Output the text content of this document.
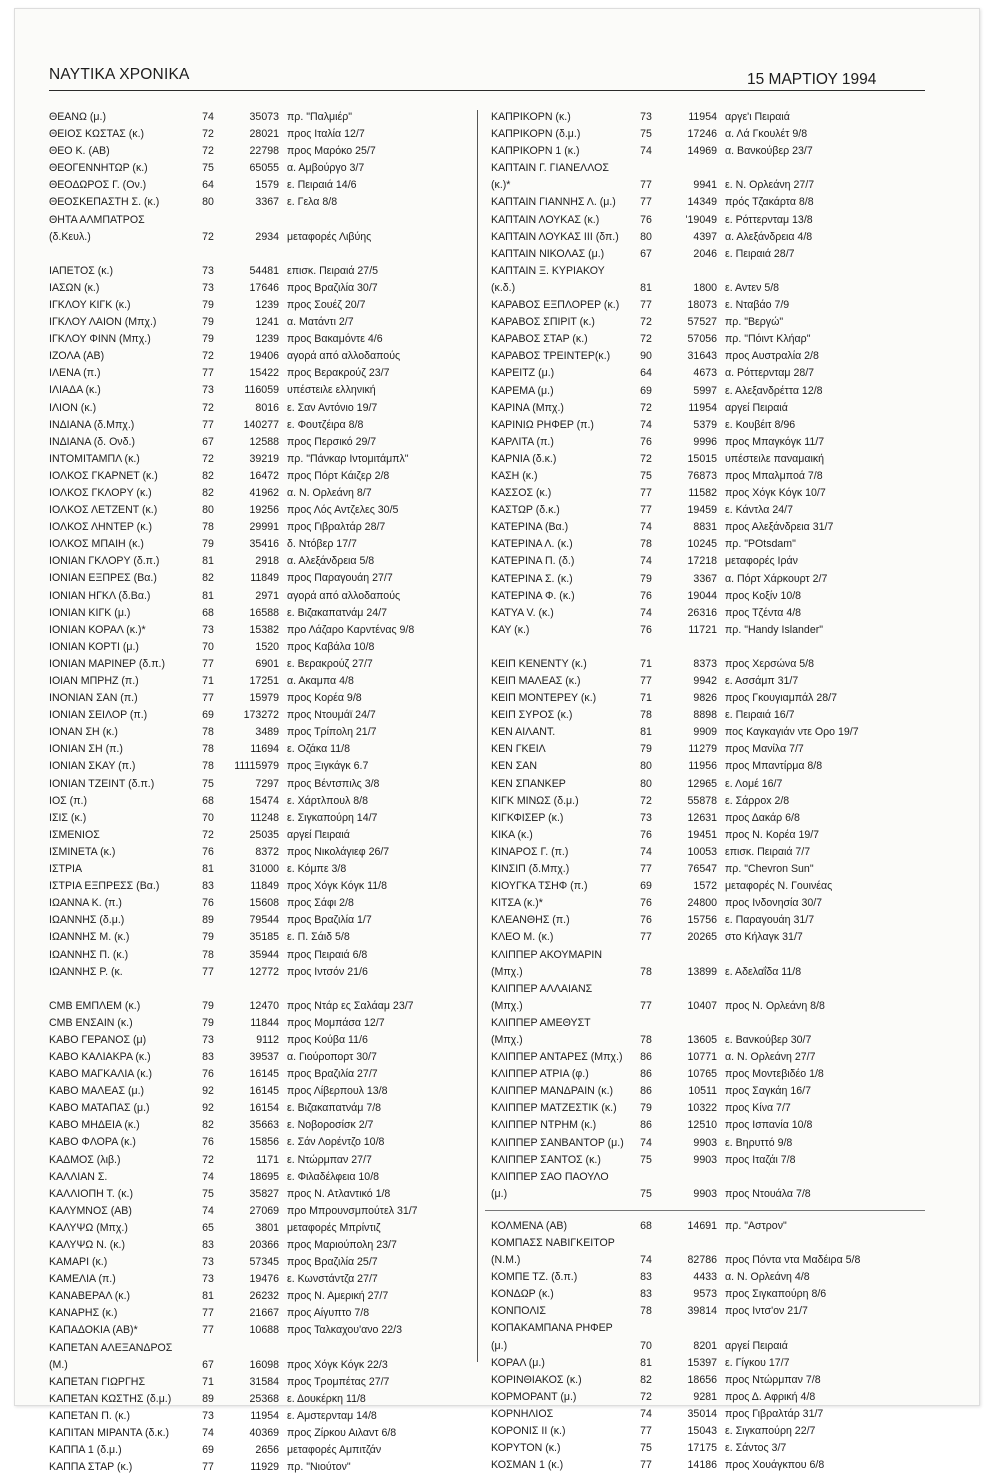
ΝΑΥΤΙΚΑ ΧΡΟΝΙΚΑ	15 ΜΑΡΤΙΟΥ 1994
ΘΕΑΝΩ (μ.)	74	35073 πρ. "Παλμιέρ"
ΘΕΙΟΣ ΚΩΣΤΑΣ (κ.)	72	28021 προς Ιταλία 12/7
ΘΕΟ Κ. (ΑΒ)	72	22798 προς Μαρόκο 25/7
ΘΕΟΓΕΝΝΗΤΩΡ (κ.)	75	65055 α. Αμβούργο 3/7
ΘΕΟΔΩΡΟΣ Γ. (Ον.)	64	1579 ε. Πειραιά 14/6
ΘΕΟΣΚΕΠΑΣΤΗ Σ. (κ.)	80	3367 ε. Γελα 8/8
ΘΗΤΑ ΑΛΜΠΑΤΡΟΣ
(δ.Κευλ.)	72	2934 μεταφορές Λιβύης
ΙΑΠΕΤΟΣ (κ.)	73	54481 επισκ. Πειραιά 27/5
ΙΑΣΩΝ (κ.)	73	17646 προς Βραζιλία 30/7
ΙΓΚΛΟΥ ΚΙΓΚ (κ.)	79	1239 προς Σουέζ 20/7
ΙΓΚΛΟΥ ΛΑΙΟΝ (Μπχ.)	79	1241 α. Ματάντι 2/7
ΙΓΚΛΟΥ ΦΙΝΝ (Μπχ.)	79	1239 προς Βακαμόντε 4/6
ΙΖΟΛΑ (ΑΒ)	72	19406 αγορά από αλλοδαπούς
ΙΛΕΝΑ (π.)	77	15422 προς Βερακρούζ 23/7
ΙΛΙΑΔΑ (κ.)	73	116059 υπέστειλε ελληνική
ΙΛΙΟΝ (κ.)	72	8016 ε. Σαν Αντόνιο 19/7
ΙΝΔΙΑΝΑ (δ.Μπχ.)	77	140277 ε. Φουτζέιρα 8/8
ΙΝΔΙΑΝΑ (δ. Ονδ.)	67	12588 προς Περσικό 29/7
ΙΝΤΟΜΙΤΑΜΠΛ (κ.)	72	39219 πρ. "Πάνκαρ Ιντομιτάμπλ"
ΙΟΛΚΟΣ ΓΚΑΡΝΕΤ (κ.)	82	16472 προς Πόρτ Κάιζερ 2/8
ΙΟΛΚΟΣ ΓΚΛΟΡΥ (κ.)	82	41962 α. Ν. Ορλεάνη 8/7
ΙΟΛΚΟΣ ΛΕΤΖΕΝΤ (κ.)	80	19256 προς Λός Αντζελες 30/5
ΙΟΛΚΟΣ ΛΗΝΤΕΡ (κ.)	78	29991 προς Γιβραλτάρ 28/7
ΙΟΛΚΟΣ ΜΠΑΙΗ (κ.)	79	35416 δ. Ντόβερ 17/7
ΙΟΝΙΑΝ ΓΚΛΟΡΥ (δ.π.)	81	2918 α. Αλεξάνδρεια 5/8
ΙΟΝΙΑΝ ΕΞΠΡΕΣ (Βα.)	82	11849 προς Παραγουάη 27/7
ΙΟΝΙΑΝ ΗΓΚΛ (δ.Βα.)	81	2971 αγορά από αλλοδαπούς
ΙΟΝΙΑΝ ΚΙΓΚ (μ.)	68	16588 ε. Βιζακαπατνάμ 24/7
ΙΟΝΙΑΝ ΚΟΡΑΛ (κ.)*	73	15382 προ Λάζαρο Καρντένας 9/8
ΙΟΝΙΑΝ ΚΟΡΤΙ (μ.)	70	1520 προς Καβάλα 10/8
ΙΟΝΙΑΝ ΜΑΡΙΝΕΡ (δ.π.)	77	6901 ε. Βερακρούζ 27/7
ΙΟΙΑΝ ΜΠΡΗΖ (π.)	71	17251 α. Ακαμπα 4/8
ΙΝΟΝΙΑΝ ΣΑΝ (π.)	77	15979 προς Κορέα 9/8
ΙΟΝΙΑΝ ΣΕΙΛΟΡ (π.)	69	173272 προς Ντουμάϊ 24/7
ΙΟΝΑΝ ΣΗ (κ.)	78	3489 προς Τρίπολη 21/7
ΙΟΝΙΑΝ ΣΗ (π.)	78	11694 ε. Οζάκα 11/8
ΙΟΝΙΑΝ ΣΚΑΥ (π.)	78	11115979 προς Ξιγκάγκ 6.7
ΙΟΝΙΑΝ ΤΖΕΙΝΤ (δ.π.)	75	7297 προς Βέντσπιλς 3/8
ΙΟΣ (π.)	68	15474 ε. Χάρτλπουλ 8/8
ΙΣΙΣ (κ.)	70	11248 ε. Σιγκαπούρη 14/7
ΙΣΜΕΝΙΟΣ	72	25035 αργεί Πειραιά
ΙΣΜΙΝΕΤΑ (κ.)	76	8372 προς Νικολάγιεφ 26/7
ΙΣΤΡΙΑ	81	31000 ε. Κόμπε 3/8
ΙΣΤΡΙΑ ΕΞΠΡΕΣΣ (Βα.)	83	11849 προς Χόγκ Κόγκ 11/8
ΙΩΑΝΝΑ Κ. (π.)	76	15608 προς Σάφι 2/8
ΙΩΑΝΝΗΣ (δ.μ.)	89	79544 προς Βραζιλία 1/7
ΙΩΑΝΝΗΣ Μ. (κ.)	79	35185 ε. Π. Σάιδ 5/8
ΙΩΑΝΝΗΣ Π. (κ.)	78	35944 προς Πειραιά 6/8
ΙΩΑΝΝΗΣ Ρ. (κ.	77	12772 προς Ιντσόν 21/6
CMB ΕΜΠΛΕΜ (κ.)	79	12470 προς Ντάρ ες Σαλάαμ 23/7
CMB ΕΝΣΑΙΝ (κ.)	79	11844 προς Μομπάσα 12/7
ΚΑΒΟ ΓΕΡΑΝΟΣ (μ)	73	9112 προς Κούβα 11/6
ΚΑΒΟ ΚΑΛΙΑΚΡΑ (κ.)	83	39537 α. Γιούροπορτ 30/7
ΚΑΒΟ ΜΑΓΚΑΛΙΑ (κ.)	76	16145 προς Βραζιλία 27/7
ΚΑΒΟ ΜΑΛΕΑΣ (μ.)	92	16145 προς Λίβερπουλ 13/8
ΚΑΒΟ ΜΑΤΑΠΑΣ (μ.)	92	16154 ε. Βιζακαπατνάμ 7/8
ΚΑΒΟ ΜΗΔΕΙΑ (κ.)	82	35663 ε. Νοβοροσίσκ 2/7
ΚΑΒΟ ΦΛΟΡΑ (κ.)	76	15856 ε. Σάν Λορέντζο 10/8
ΚΑΔΜΟΣ (λιβ.)	72	1171 ε. Ντώρμπαν 27/7
ΚΑΛΛΙΑΝ Σ.	74	18695 ε. Φιλαδέλφεια 10/8
ΚΑΛΛΙΟΠΗ Τ. (κ.)	75	35827 προς Ν. Ατλαντικό 1/8
ΚΑΛΥΜΝΟΣ (ΑΒ)	74	27069 προ Μπρουνσμπούτελ 31/7
ΚΑΛΥΨΩ (Μπχ.)	65	3801 μεταφορές Μπρίντιζ
ΚΑΛΥΨΩ Ν. (κ.)	83	20366 προς Μαριούπολη 23/7
ΚΑΜΑΡΙ (κ.)	73	57345 προς Βραζιλία 25/7
ΚΑΜΕΛΙΑ (π.)	73	19476 ε. Κωνστάντζα 27/7
ΚΑΝΑΒΕΡΑΛ (κ.)	81	26232 προς Ν. Αμερική 27/7
ΚΑΝΑΡΗΣ (κ.)	77	21667 προς Αίγυπτο 7/8
ΚΑΠΑΔΟΚΙΑ (ΑΒ)*	77	10688 προς Ταλκαχου'ανο 22/3
ΚΑΠΕΤΑΝ ΑΛΕΞΑΝΔΡΟΣ
(Μ.)	67	16098 προς Χόγκ Κόγκ 22/3
ΚΑΠΕΤΑΝ ΓΙΩΡΓΗΣ	71	31584 προς Τρομπέτας 27/7
ΚΑΠΕΤΑΝ ΚΩΣΤΗΣ (δ.μ.)	89	25368 ε. Δουκέρκη 11/8
ΚΑΠΕΤΑΝ Π. (κ.)	73	11954 ε. Αμστερνταμ 14/8
ΚΑΠΙΤΑΝ ΜΙΡΑΝΤΑ (δ.κ.)	74	40369 προς Ζίρκου Αιλαντ 6/8
ΚΑΠΠΑ 1 (δ.μ.)	69	2656 μεταφορές Αμπιτζάν
ΚΑΠΠΑ ΣΤΑΡ (κ.)	77	11929 πρ. "Νιούτον"
ΚΑΠΡΙΚΟΡΝ (κ.)	73	11954 αργε'ι Πειραιά
ΚΑΠΡΙΚΟΡΝ (δ.μ.)	75	17246 α. Λά Γκουλέτ 9/8
ΚΑΠΡΙΚΟΡΝ 1 (κ.)	74	14969 α. Βανκούβερ 23/7
ΚΑΠΤΑΙΝ Γ. ΓΙΑΝΕΛΛΟΣ
(κ.)*	77	9941 ε. Ν. Ορλεάνη 27/7
ΚΑΠΤΑΙΝ ΓΙΑΝΝΗΣ Λ. (μ.)	77	14349 πρός Τζακάρτα 8/8
ΚΑΠΤΑΙΝ ΛΟΥΚΑΣ (κ.)	76	'19049 ε. Ρόττερνταμ 13/8
ΚΑΠΤΑΙΝ ΛΟΥΚΑΣ III (δπ.)	80	4397 α. Αλεξάνδρεια 4/8
ΚΑΠΤΑΙΝ ΝΙΚΟΛΑΣ (μ.)	67	2046 ε. Πειραιά 28/7
ΚΑΠΤΑΙΝ Ξ. ΚΥΡΙΑΚΟΥ
(κ.δ.)	81	1800 ε. Αντεν 5/8
ΚΑΡΑΒΟΣ ΕΞΠΛΟΡΕΡ (κ.)	77	18073 ε. Νταβάο 7/9
ΚΑΡΑΒΟΣ ΣΠΙΡΙΤ (κ.)	72	57527 πρ. "Βεργώ"
ΚΑΡΑΒΟΣ ΣΤΑΡ (κ.)	72	57056 πρ. "Πόιντ Κλήαρ"
ΚΑΡΑΒΟΣ ΤΡΕΙΝΤΕΡ(κ.)	90	31643 προς Αυστραλία 2/8
ΚΑΡΕΙΤΖ (μ.)	64	4673 α. Ρόττερνταμ 28/7
ΚΑΡΕΜΑ (μ.)	69	5997 ε. Αλεξανδρέττα 12/8
ΚΑΡΙΝΑ (Μπχ.)	72	11954 αργεί Πειραιά
ΚΑΡΙΝΙΩ ΡΗΦΕΡ (π.)	74	5379 ε. Κουβέιτ 8/96
ΚΑΡΛΙΤΑ (π.)	76	9996 προς Μπαγκόγκ 11/7
ΚΑΡΝΙΑ (δ.κ.)	72	15015 υπέστειλε παναμαική
ΚΑΣΗ (κ.)	75	76873 προς Μπαλμποά 7/8
ΚΑΣΣΟΣ (κ.)	77	11582 προς Χόγκ Κόγκ 10/7
ΚΑΣΤΩΡ (δ.κ.)	77	19459 ε. Κάντλα 24/7
ΚΑΤΕΡΙΝΑ (Βα.)	74	8831 προς Αλεξάνδρεια 31/7
ΚΑΤΕΡΙΝΑ Λ. (κ.)	78	10245 πρ. "POtsdam"
ΚΑΤΕΡΙΝΑ Π. (δ.)	74	17218 μεταφορές Ιράν
ΚΑΤΕΡΙΝΑ Σ. (κ.)	79	3367 α. Πόρτ Χάρκουρτ 2/7
ΚΑΤΕΡΙΝΑ Φ. (κ.)	76	19044 προς Κοξίν 10/8
ΚΑΤΥΑ V. (κ.)	74	26316 προς Τζέντα 4/8
ΚΑΥ (κ.)	76	11721 πρ. "Handy Islander"
ΚΕΙΠ ΚΕΝΕΝΤΥ (κ.)	71	8373 προς Χερσώνα 5/8
ΚΕΙΠ ΜΑΛΕΑΣ (κ.)	77	9942 ε. Ασσάμπ 31/7
ΚΕΙΠ ΜΟΝΤΕΡΕΥ (κ.)	71	9826 προς Γκουγιαμπάλ 28/7
ΚΕΙΠ ΣΥΡΟΣ (κ.)	78	8898 ε. Πειραιά 16/7
ΚΕΝ ΑΙΛΑΝΤ.	81	9909 πος Καγκαγιάν ντε Ορο 19/7
ΚΕΝ ΓΚΕΙΛ	79	11279 προς Μανίλα 7/7
ΚΕΝ ΣΑΝ	80	11956 προς Μπαντίρμα 8/8
ΚΕΝ ΣΠΑΝΚΕΡ	80	12965 ε. Λομέ 16/7
ΚΙΓΚ ΜΙΝΩΣ (δ.μ.)	72	55878 ε. Σάρρox 2/8
ΚΙΓΚΦΙΣΕΡ (κ.)	73	12631 προς Δακάρ 6/8
ΚΙΚΑ (κ.)	76	19451 προς Ν. Κορέα 19/7
ΚΙΝΑΡΟΣ Γ. (π.)	74	10053 επισκ. Πειραιά 7/7
ΚΙΝΣΙΠ (δ.Μπχ.)	77	76547 πρ. "Chevron Sun"
ΚΙΟΥΓΚΑ ΤΣΗΦ (π.)	69	1572 μεταφορές Ν. Γουινέας
ΚΙΤΣΑ (κ.)*	76	24800 προς Ινδονησία 30/7
ΚΛΕΑΝΘΗΣ (π.)	76	15756 ε. Παραγουάη 31/7
ΚΛΕΟ Μ. (κ.)	77	20265 στο Κήλαγκ 31/7
ΚΛΙΠΠΕΡ ΑΚΟΥΜΑΡΙΝ
(Μπχ.)	78	13899 ε. Αδελαΐδα 11/8
ΚΛΙΠΠΕΡ ΑΛΛΑΙΑΝΣ
(Μπχ.)	77	10407 προς Ν. Ορλεάνη 8/8
ΚΛΙΠΠΕΡ ΑΜΕΘΥΣΤ
(Μπχ.)	78	13605 ε. Βανκούβερ 30/7
ΚΛΙΠΠΕΡ ΑΝΤΑΡΕΣ (Μπχ.)	86	10771 α. Ν. Ορλεάνη 27/7
ΚΛΙΠΠΕΡ ΑΤΡΙΑ (φ.)	86	10765 προς Μοντεβιδέο 1/8
ΚΛΙΠΠΕΡ ΜΑΝΔΡΑΙΝ (κ.)	86	10511 προς Σαγκάη 16/7
ΚΛΙΠΠΕΡ ΜΑΤΖΕΣΤΙΚ (κ.)	79	10322 προς Κίνα 7/7
ΚΛΙΠΠΕΡ ΝΤΡΗΜ (κ.)	86	12510 προς Ισπανία 10/8
ΚΛΙΠΠΕΡ ΣΑΝΒΑΝΤΟΡ (μ.)	74	9903 ε. Βηρυττό 9/8
ΚΛΙΠΠΕΡ ΣΑΝΤΟΣ (κ.)	75	9903 προς Ιταζάι 7/8
ΚΛΙΠΠΕΡ ΣΑΟ ΠΑΟΥΛΟ
(μ.)	75	9903 προς Ντουάλα 7/8
ΚΟΛΜΕΝΑ (ΑΒ)	68	14691 πρ. "Αστρον"
ΚΟΜΠΑΣΣ ΝΑΒΙΓΚΕΙΤΟΡ
(Ν.Μ.)	74	82786 προς Πόντα ντα Μαδέιρα 5/8
ΚΟΜΠΕ ΤΖ. (δ.π.)	83	4433 α. Ν. Ορλεάνη 4/8
ΚΟΝΔΩΡ (κ.)	83	9573 προς Σιγκαπούρη 8/6
ΚΟΝΠΟΛΙΣ	78	39814 προς Ιντσ'ον 21/7
ΚΟΠΑΚΑΜΠΑΝΑ ΡΗΦΕΡ
(μ.)	70	8201 αργεί Πειραιά
ΚΟΡΑΛ (μ.)	81	15397 ε. Γίγκου 17/7
ΚΟΡΙΝΘΙΑΚΟΣ (κ.)	82	18656 προς Ντώρμπαν 7/8
ΚΟΡΜΟΡΑΝΤ (μ.)	72	9281 προς Δ. Αφρική 4/8
ΚΟΡΝΗΛΙΟΣ	74	35014 προς Γιβραλτάρ 31/7
ΚΟΡΟΝΙΣ ΙΙ (κ.)	77	15043 ε. Σιγκαπούρη 22/7
ΚΟΡΥΤΟΝ (κ.)	75	17175 ε. Σάντος 3/7
ΚΟΣΜΑΝ 1 (κ.)	77	14186 προς Χουάγκπου 6/8
